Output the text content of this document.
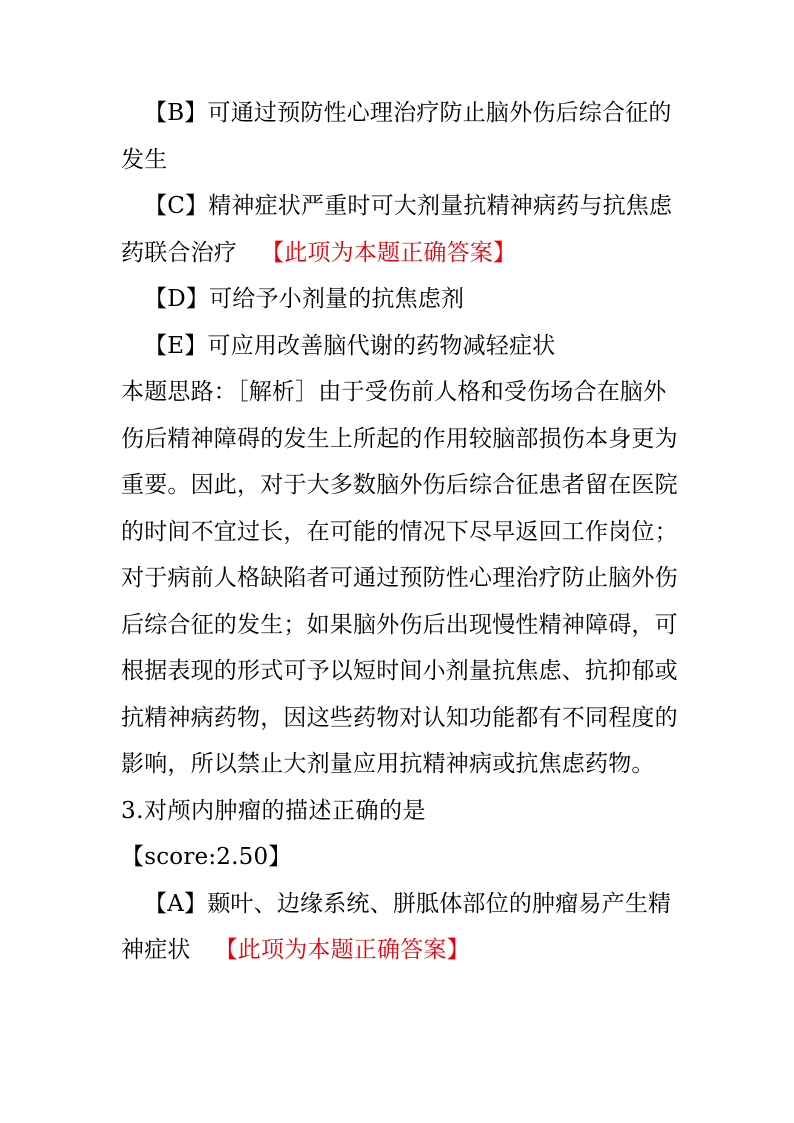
【B】可通过预防性心理治疗防止脑外伤后综合征的发生

【C】精神症状严重时可大剂量抗精神病药与抗焦虑药联合治疗 【此项为本题正确答案】

【D】可给予小剂量的抗焦虑剂

【E】可应用改善脑代谢的药物减轻症状

本题思路：［解析］由于受伤前人格和受伤场合在脑外伤后精神障碍的发生上所起的作用较脑部损伤本身更为重要。因此，对于大多数脑外伤后综合征患者留在医院的时间不宜过长，在可能的情况下尽早返回工作岗位；对于病前人格缺陷者可通过预防性心理治疗防止脑外伤后综合征的发生；如果脑外伤后出现慢性精神障碍，可根据表现的形式可予以短时间小剂量抗焦虑、抗抑郁或抗精神病药物，因这些药物对认知功能都有不同程度的影响，所以禁止大剂量应用抗精神病或抗焦虑药物。

3.对颅内肿瘤的描述正确的是

【score:2.50】

【A】颞叶、边缘系统、胼胝体部位的肿瘤易产生精神症状 【此项为本题正确答案】
